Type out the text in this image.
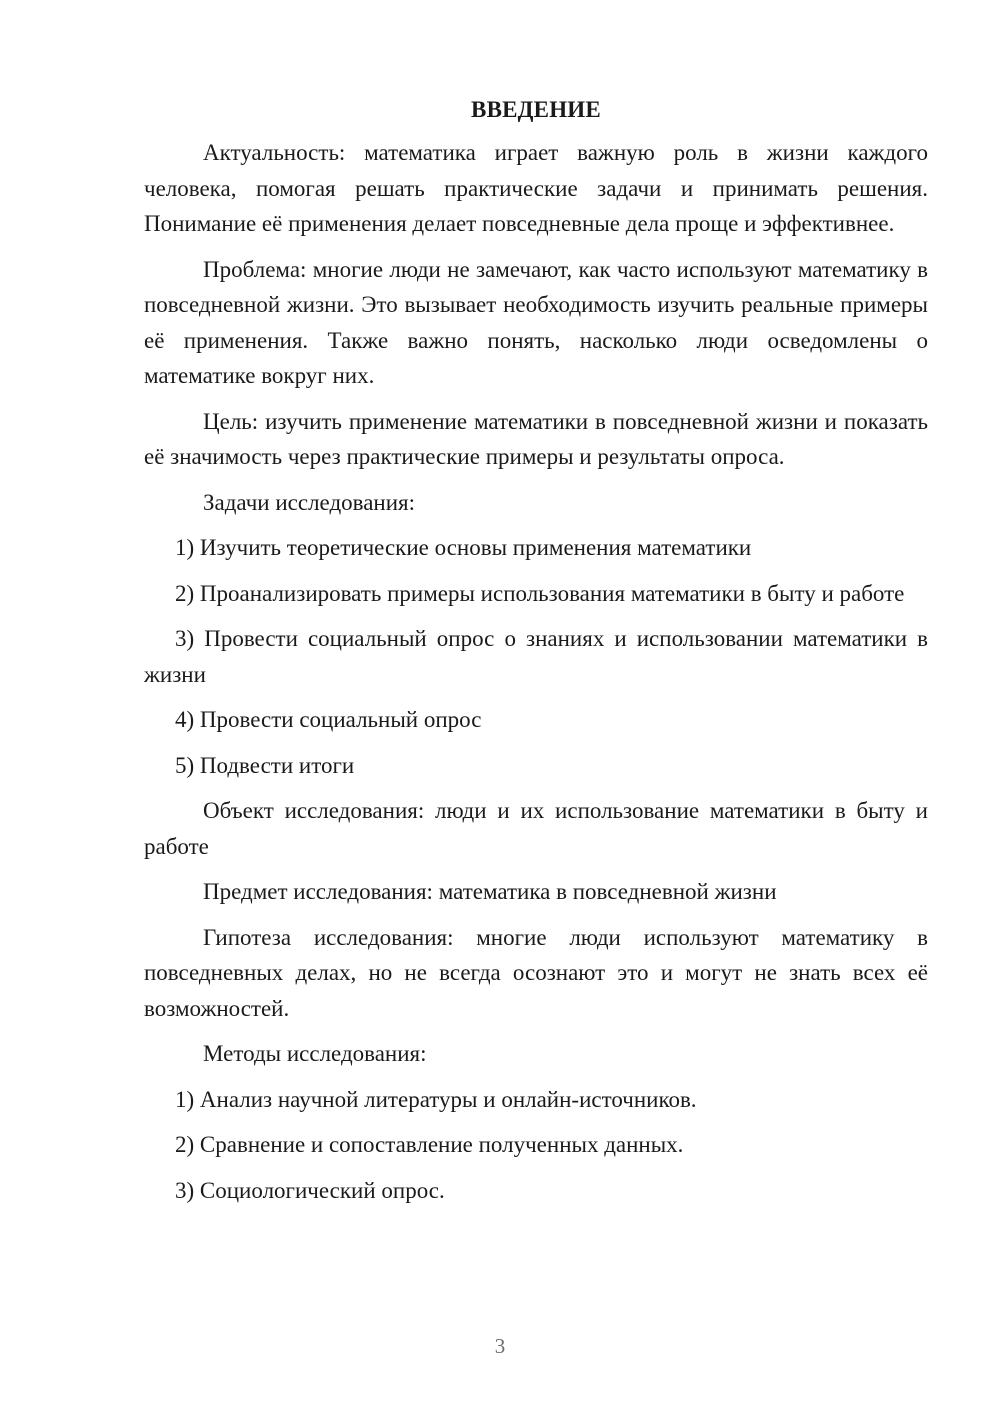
ВВЕДЕНИЕ

Актуальность: математика играет важную роль в жизни каждого человека, помогая решать практические задачи и принимать решения. Понимание её применения делает повседневные дела проще и эффективнее.

Проблема: многие люди не замечают, как часто используют математику в повседневной жизни. Это вызывает необходимость изучить реальные примеры её применения. Также важно понять, насколько люди осведомлены о математике вокруг них.

Цель: изучить применение математики в повседневной жизни и показать её значимость через практические примеры и результаты опроса.

Задачи исследования:

1) Изучить теоретические основы применения математики

2) Проанализировать примеры использования математики в быту и работе

3) Провести социальный опрос о знаниях и использовании математики в жизни

4) Провести социальный опрос

5) Подвести итоги

Объект исследования: люди и их использование математики в быту и работе

Предмет исследования: математика в повседневной жизни

Гипотеза исследования: многие люди используют математику в повседневных делах, но не всегда осознают это и могут не знать всех её возможностей.

Методы исследования:

1) Анализ научной литературы и онлайн-источников.

2) Сравнение и сопоставление полученных данных.

3) Социологический опрос.

3
